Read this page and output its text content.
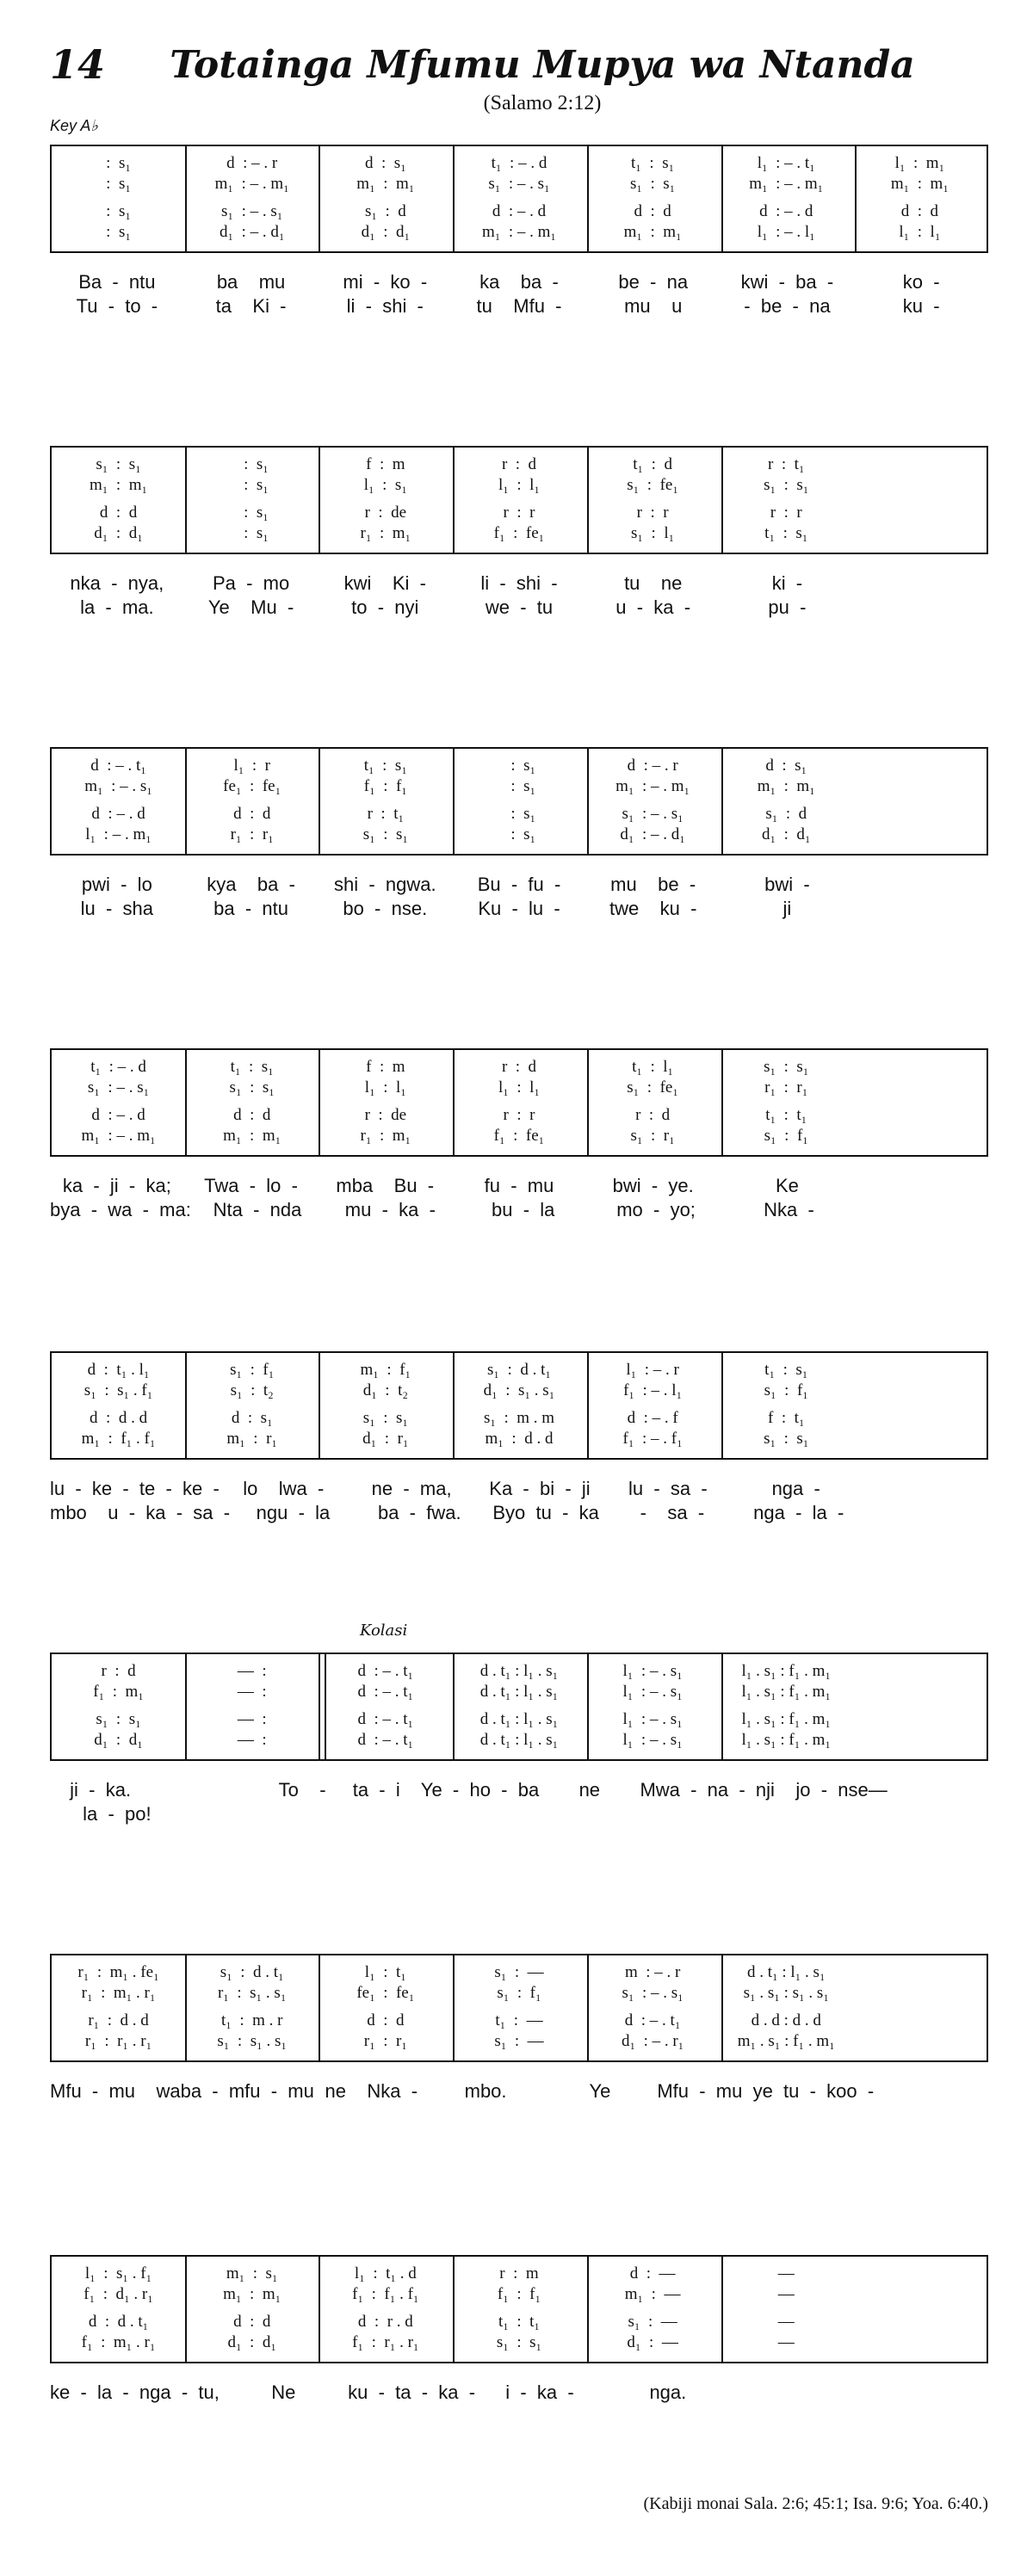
14	Totainga Mfumu Mupya wa Ntanda
(Salamo 2:12)
Key A♭
:  s₁	d  : – . r	d  :  s₁	t₁  : – . d	t₁  :  s₁	l₁  : – . t₁	l₁  :  m₁
:  s₁	m₁  : – . m₁	m₁  :  m₁	s₁  : – . s₁	s₁  :  s₁	m₁  : – . m₁	m₁  :  m₁
:  s₁	s₁  : – . s₁	s₁  :  d	d  : – . d	d  :  d	d  : – . d	d  :  d
:  s₁	d₁  : – . d₁	d₁  :  d₁	m₁  : – . m₁	m₁  :  m₁	l₁  : – . l₁	l₁  :  l₁
Ba  -  ntu	ba    mu	mi  -  ko  -	ka    ba  -	be  -  na	kwi  -  ba  -	ko  -
Tu  -  to  -	ta    Ki  -	li  -  shi  -	tu    Mfu  -	mu    u	-  be  -  na	ku  -
s₁  :  s₁	:  s₁	f  :  m	r  :  d	t₁  :  d	r  :  t₁
m₁  :  m₁	:  s₁	l₁  :  s₁	l₁  :  l₁	s₁  :  fe₁	s₁  :  s₁
d  :  d	:  s₁	r  :  de	r  :  r	r  :  r	r  :  r
d₁  :  d₁	:  s₁	r₁  :  m₁	f₁  :  fe₁	s₁  :  l₁	t₁  :  s₁
nka  -  nya,	Pa  -  mo	kwi    Ki  -	li  -  shi  -	tu    ne	ki  -
la  -  ma.	Ye    Mu  -	to  -  nyi	we  -  tu	u  -  ka  -	pu  -
d  : – . t₁	l₁  :  r	t₁  :  s₁	:  s₁	d  : – . r	d  :  s₁
m₁  : – . s₁	fe₁  :  fe₁	f₁  :  f₁	:  s₁	m₁  : – . m₁	m₁  :  m₁
d  : – . d	d  :  d	r  :  t₁	:  s₁	s₁  : – . s₁	s₁  :  d
l₁  : – . m₁	r₁  :  r₁	s₁  :  s₁	:  s₁	d₁  : – . d₁	d₁  :  d₁
pwi  -  lo	kya    ba  -	shi  -  ngwa.	Bu  -  fu  -	mu    be  -	bwi  -
lu  -  sha	ba  -  ntu	bo  -  nse.	Ku  -  lu  -	twe    ku  -	ji
t₁  : – . d	t₁  :  s₁	f  :  m	r  :  d	t₁  :  l₁	s₁  :  s₁
s₁  : – . s₁	s₁  :  s₁	l₁  :  l₁	l₁  :  l₁	s₁  :  fe₁	r₁  :  r₁
d  : – . d	d  :  d	r  :  de	r  :  r	r  :  d	t₁  :  t₁
m₁  : – . m₁	m₁  :  m₁	r₁  :  m₁	f₁  :  fe₁	s₁  :  r₁	s₁  :  f₁
ka  -  ji  -  ka;	Twa  -  lo  -	mba    Bu  -	fu  -  mu	bwi  -  ye.	Ke
bya  -  wa  -  ma:	Nta  -  nda	mu  -  ka  -	bu  -  la	mo  -  yo;	Nka  -
d  :  t₁ . l₁	s₁  :  f₁	m₁  :  f₁	s₁  :  d . t₁	l₁  : – . r	t₁  :  s₁
s₁  :  s₁ . f₁	s₁  :  t₂	d₁  :  t₂	d₁  :  s₁ . s₁	f₁  : – . l₁	s₁  :  f₁
d  :  d . d	d  :  s₁	s₁  :  s₁	s₁  :  m . m	d  : – . f	f  :  t₁
m₁  :  f₁ . f₁	m₁  :  r₁	d₁  :  r₁	m₁  :  d . d	f₁  : – . f₁	s₁  :  s₁
lu  -  ke  -  te  -  ke  -	lo    lwa  -	ne  -  ma,	Ka  -  bi  -  ji	lu  -  sa  -	nga  -
mbo    u  -  ka  -  sa  -	ngu  -  la	ba  -  fwa.	Byo  tu  -  ka	-    sa  -	nga  -  la  -
Kolasi
r  :  d	—  :	d  : – . t₁	d . t₁ : l₁ . s₁	l₁  : – . s₁	l₁ . s₁ : f₁ . m₁
f₁  :  m₁	—  :	d  : – . t₁	d . t₁ : l₁ . s₁	l₁  : – . s₁	l₁ . s₁ : f₁ . m₁
s₁  :  s₁	—  :	d  : – . t₁	d . t₁ : l₁ . s₁	l₁  : – . s₁	l₁ . s₁ : f₁ . m₁
d₁  :  d₁	—  :	d  : – . t₁	d . t₁ : l₁ . s₁	l₁  : – . s₁	l₁ . s₁ : f₁ . m₁
ji  -  ka.	To    -	ta  -  i    Ye  -  ho  -  ba	ne	Mwa  -  na  -  nji    jo  -  nse—
la  -  po!
r₁  :  m₁ . fe₁	s₁  :  d . t₁	l₁  :  t₁	s₁  :  —	m  : – . r	d . t₁ : l₁ . s₁
r₁  :  m₁ . r₁	r₁  :  s₁ . s₁	fe₁  :  fe₁	s₁  :  f₁	s₁  : – . s₁	s₁ . s₁ : s₁ . s₁
r₁  :  d . d	t₁  :  m . r	d  :  d	t₁  :  —	d  : – . t₁	d . d : d . d
r₁  :  r₁ . r₁	s₁  :  s₁ . s₁	r₁  :  r₁	s₁  :  —	d₁  : – . r₁	m₁ . s₁ : f₁ . m₁
Mfu  -  mu    wa ba  -  mfu  -  mu ne    Nka  -	mbo.	Ye	Mfu  -  mu  ye  tu  -  koo  -
l₁  :  s₁ . f₁	m₁  :  s₁	l₁  :  t₁ . d	r  :  m	d  :  —	—
f₁  :  d₁ . r₁	m₁  :  m₁	f₁  :  f₁ . f₁	f₁  :  f₁	m₁  :  —	—
d  :  d . t₁	d  :  d	d  :  r . d	t₁  :  t₁	s₁  :  —	—
f₁  :  m₁ . r₁	d₁  :  d₁	f₁  :  r₁ . r₁	s₁  :  s₁	d₁  :  —	—
ke  -  la  -  nga  -  tu,	Ne	ku  -  ta  -  ka  -	i  -  ka  -	nga.
(Kabiji monai Sala. 2:6; 45:1; Isa. 9:6; Yoa. 6:40.)
